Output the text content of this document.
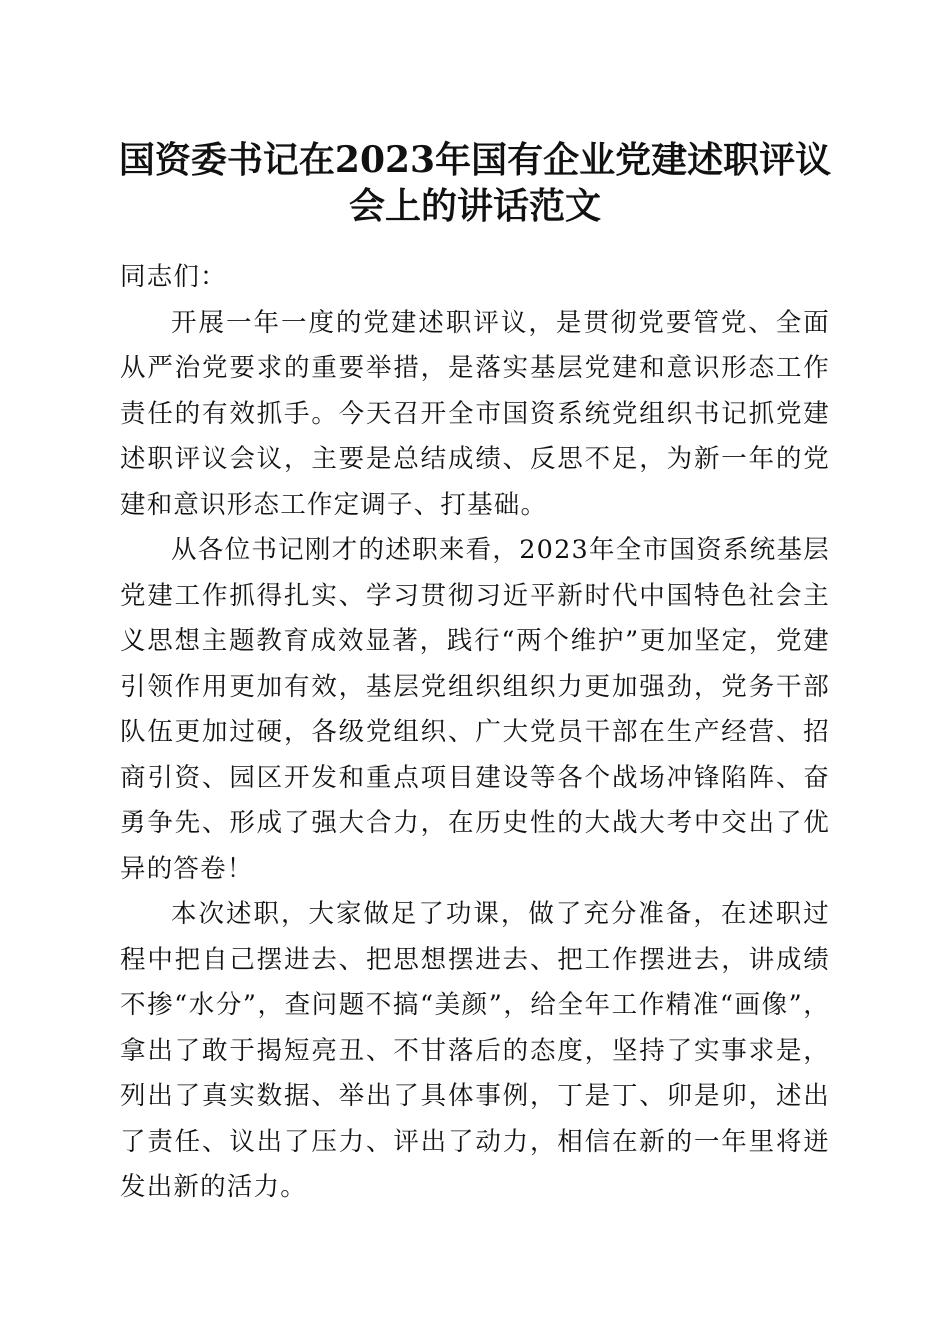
国资委书记在2023年国有企业党建述职评议
会上的讲话范文

同志们：

开展一年一度的党建述职评议，是贯彻党要管党、全面从严治党要求的重要举措，是落实基层党建和意识形态工作责任的有效抓手。今天召开全市国资系统党组织书记抓党建述职评议会议，主要是总结成绩、反思不足，为新一年的党建和意识形态工作定调子、打基础。

从各位书记刚才的述职来看，2023年全市国资系统基层党建工作抓得扎实、学习贯彻习近平新时代中国特色社会主义思想主题教育成效显著，践行“两个维护”更加坚定，党建引领作用更加有效，基层党组织组织力更加强劲，党务干部队伍更加过硬，各级党组织、广大党员干部在生产经营、招商引资、园区开发和重点项目建设等各个战场冲锋陷阵、奋勇争先、形成了强大合力，在历史性的大战大考中交出了优异的答卷！

本次述职，大家做足了功课，做了充分准备，在述职过程中把自己摆进去、把思想摆进去、把工作摆进去，讲成绩不掺“水分”，查问题不搞“美颜”，给全年工作精准“画像”，拿出了敢于揭短亮丑、不甘落后的态度，坚持了实事求是，列出了真实数据、举出了具体事例，丁是丁、卯是卯，述出了责任、议出了压力、评出了动力，相信在新的一年里将迸发出新的活力。
